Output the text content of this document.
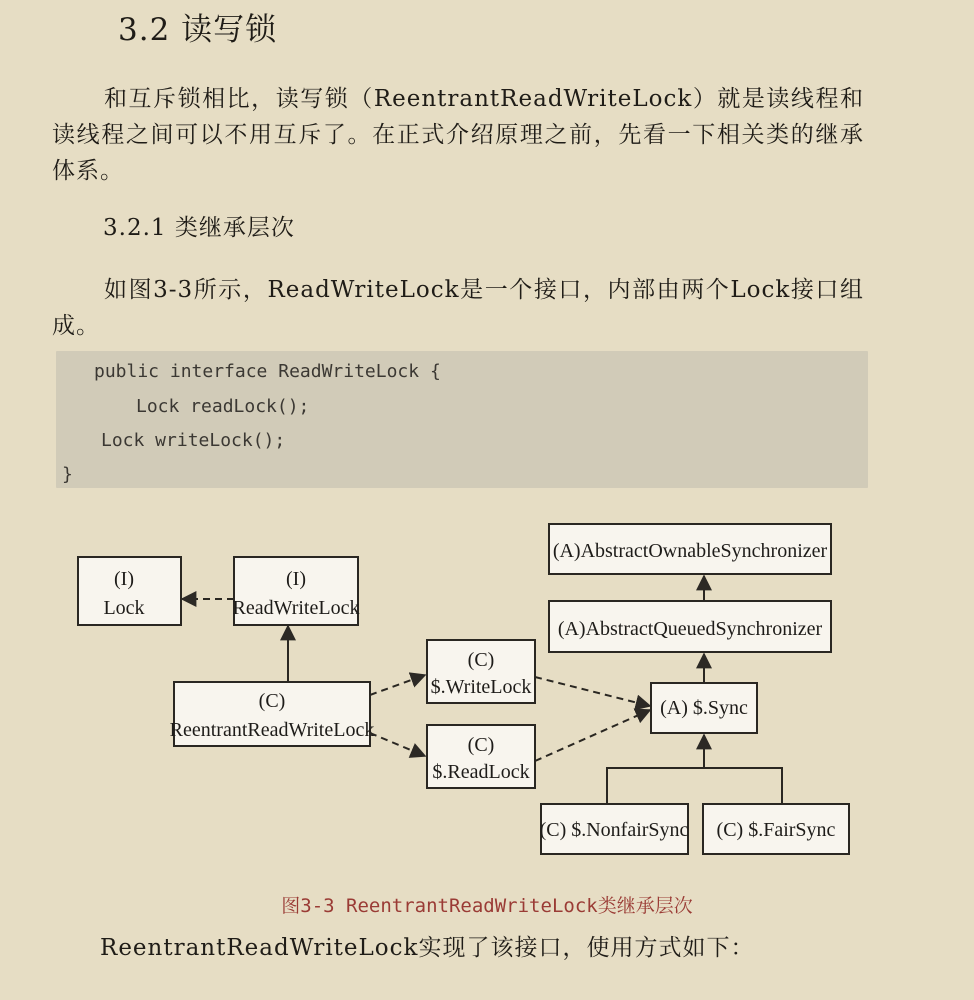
3.2 读写锁
和互斥锁相比，读写锁（ReentrantReadWriteLock）就是读线程和读线程之间可以不用互斥了。在正式介绍原理之前，先看一下相关类的继承体系。
3.2.1 类继承层次
如图3-3所示，ReadWriteLock是一个接口，内部由两个Lock接口组成。
public interface ReadWriteLock {
Lock readLock();
Lock writeLock();
}
(I)
Lock
(I)
ReadWriteLock
(C)
ReentrantReadWriteLock
(C)
$.WriteLock
(C)
$.ReadLock
(A)AbstractOwnableSynchronizer
(A)AbstractQueuedSynchronizer
(A) $.Sync
(C) $.NonfairSync (C) $.FairSync
图3-3 ReentrantReadWriteLock类继承层次
ReentrantReadWriteLock实现了该接口，使用方式如下：
